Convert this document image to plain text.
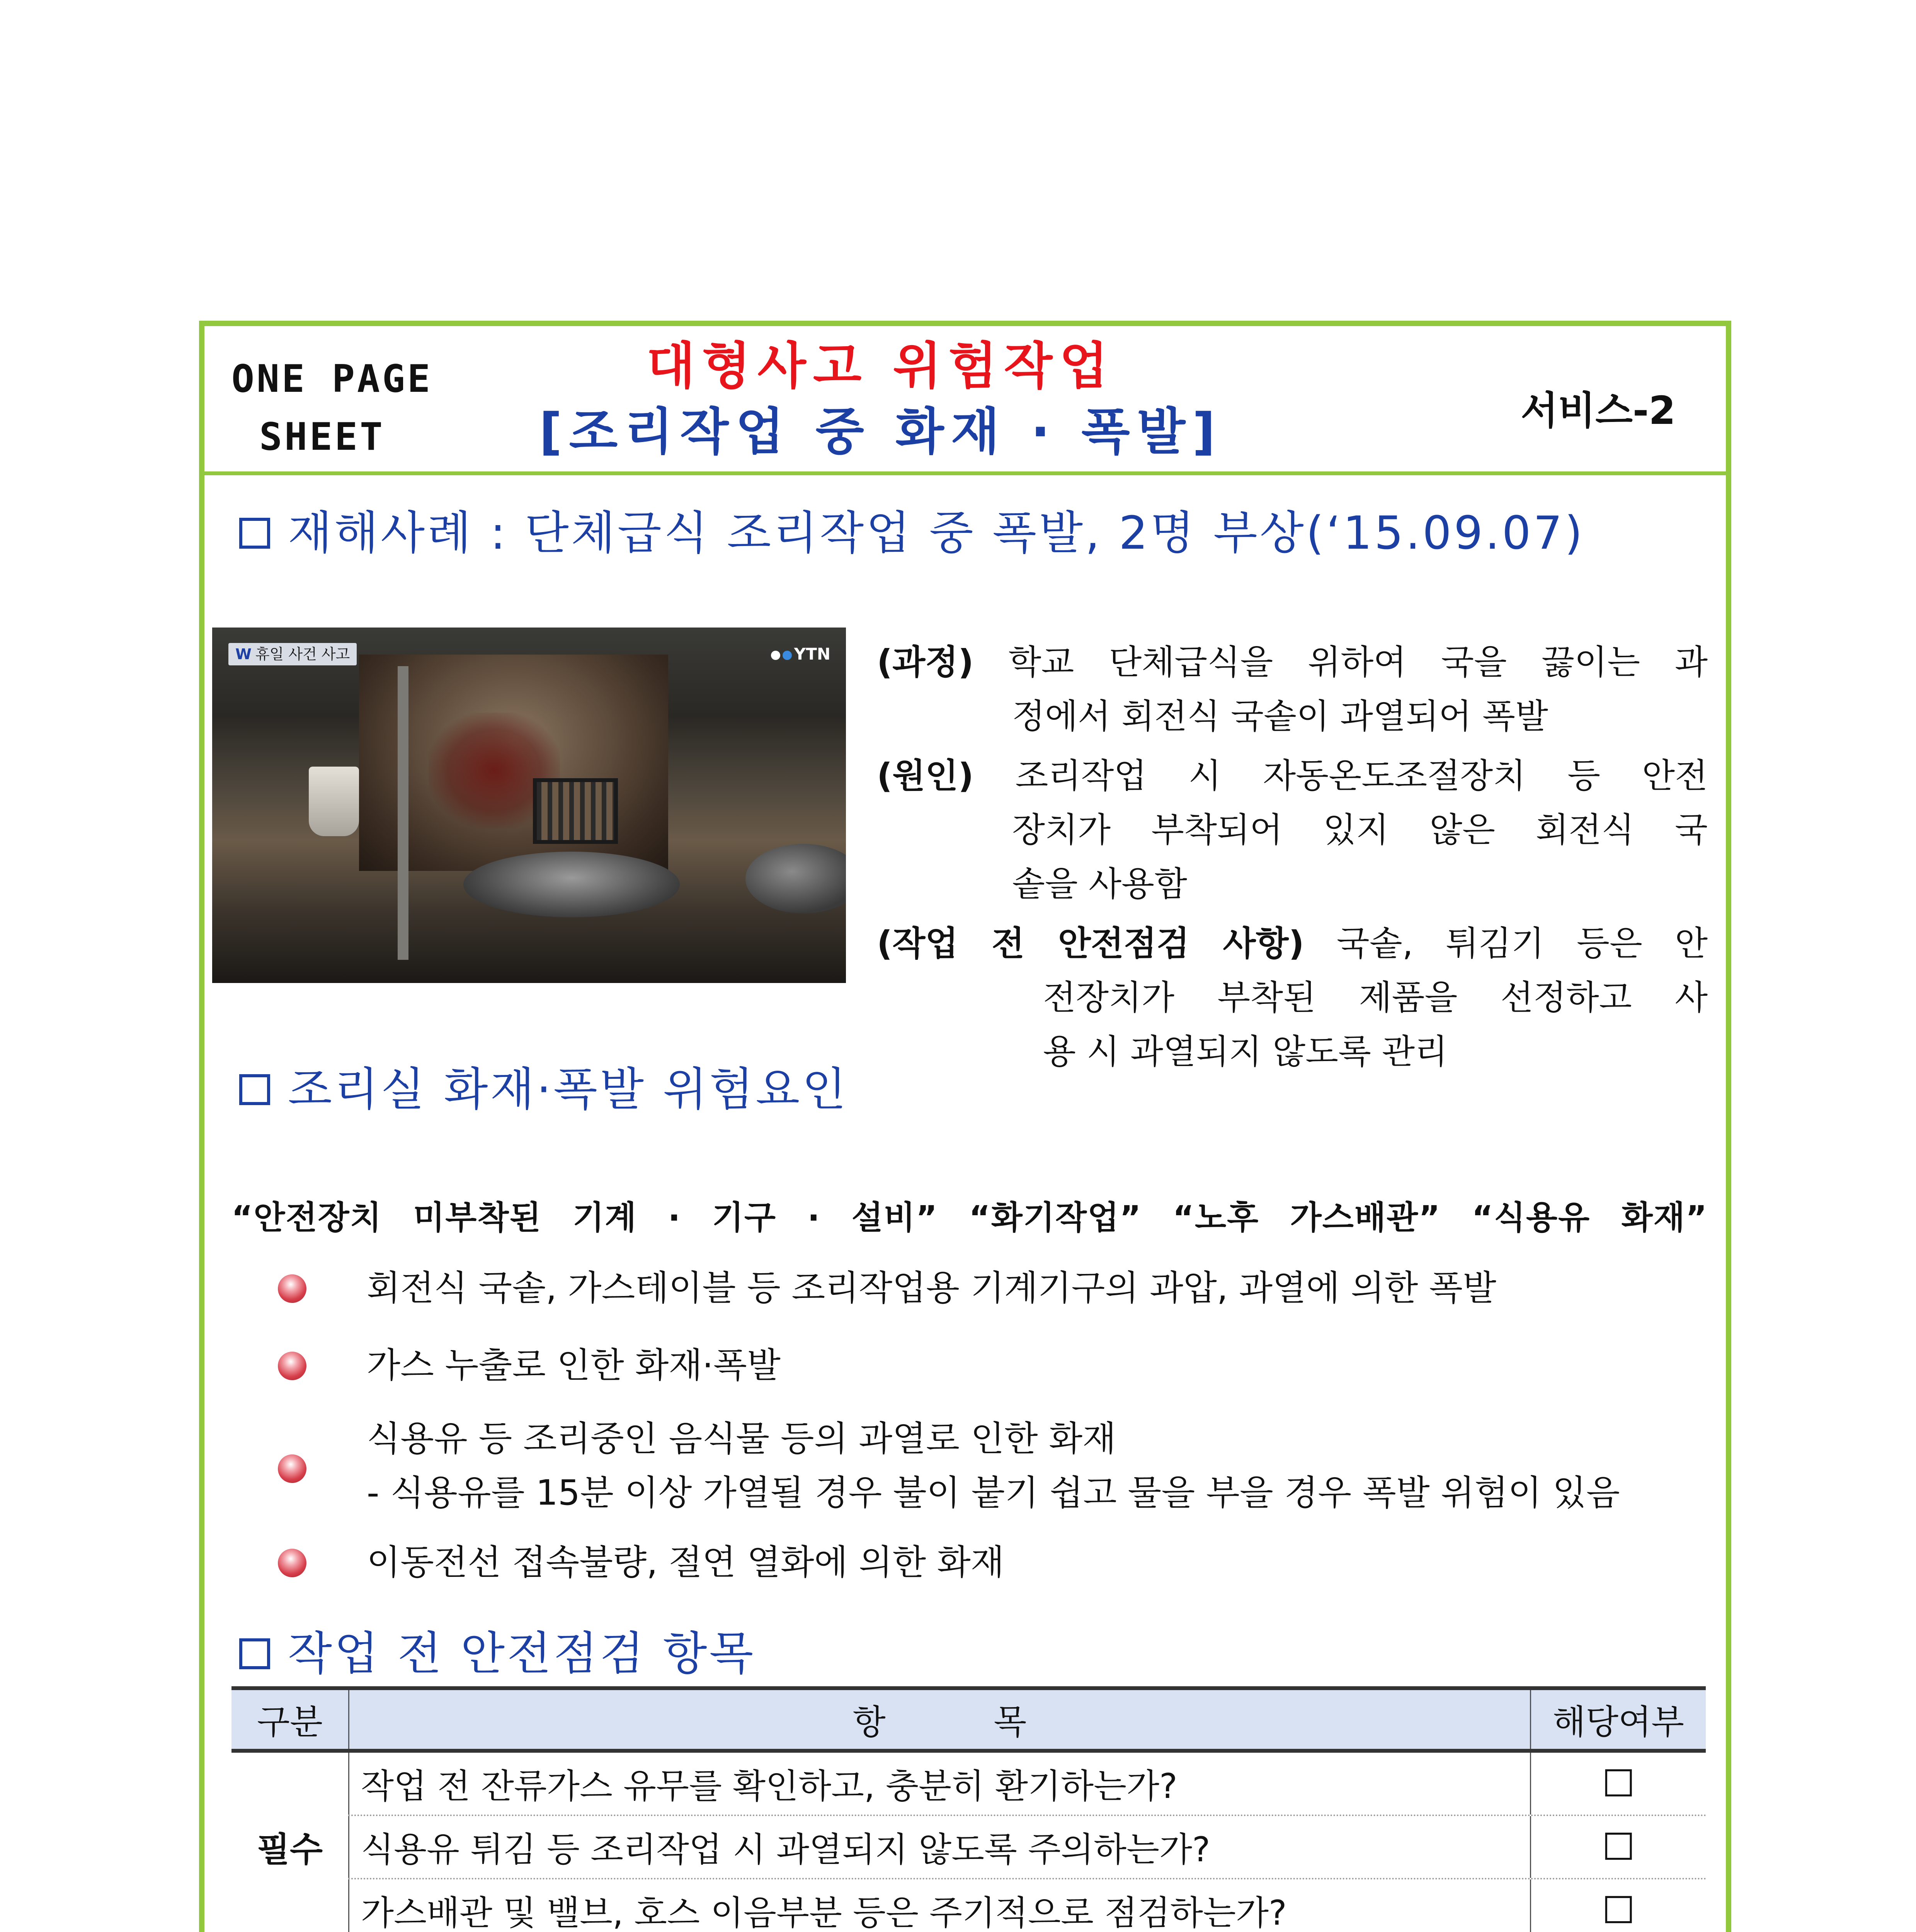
ONE PAGE
SHEET
대형사고 위험작업
[조리작업 중 화재 · 폭발]	서비스-2
재해사례 : 단체급식 조리작업 중 폭발, 2명 부상(‘15.09.07)
W 휴일 사건 사고	YTN (과정) 학교 단체급식을 위하여 국을 끓이는 과
정에서 회전식 국솥이 과열되어 폭발
(원인) 조리작업 시 자동온도조절장치 등 안전
장치가 부착되어 있지 않은 회전식 국
솥을 사용함
(작업 전 안전점검 사항) 국솥, 튀김기 등은 안
전장치가 부착된 제품을 선정하고 사
용 시 과열되지 않도록 관리
조리실 화재·폭발 위험요인
“안전장치 미부착된 기계 · 기구 · 설비” “화기작업” “노후 가스배관” “식용유 화재”
회전식 국솥, 가스테이블 등 조리작업용 기계기구의 과압, 과열에 의한 폭발
가스 누출로 인한 화재·폭발
식용유 등 조리중인 음식물 등의 과열로 인한 화재
- 식용유를 15분 이상 가열될 경우 불이 붙기 쉽고 물을 부을 경우 폭발 위험이 있음
이동전선 접속불량, 절연 열화에 의한 화재
작업 전 안전점검 항목
구분	항          목	해당여부
필수	작업 전 잔류가스 유무를 확인하고, 충분히 환기하는가?	☐
	식용유 튀김 등 조리작업 시 과열되지 않도록 주의하는가?	☐
	가스배관 및 밸브, 호스 이음부분 등은 주기적으로 점검하는가?	☐
